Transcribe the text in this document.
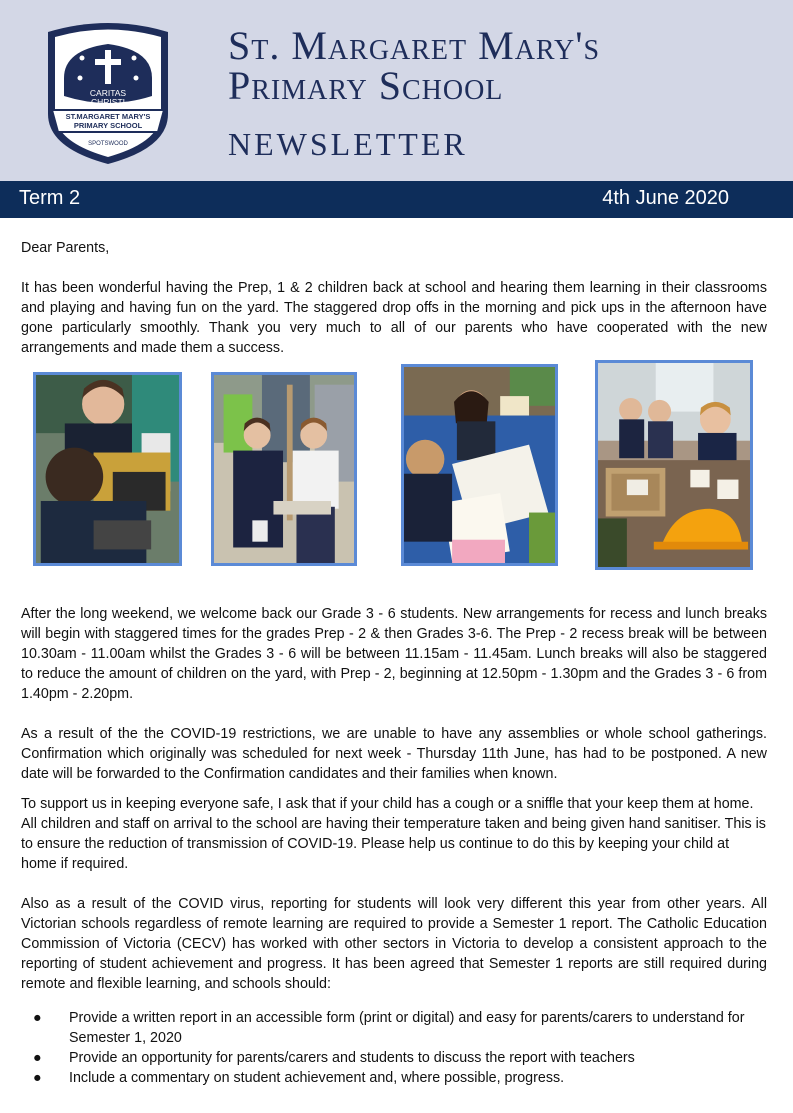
CARITAS
CHRISTI
ST.MARGARET MARY'S
PRIMARY SCHOOL
SPOTSWOOD
St. Margaret Mary's
Primary School
NEWSLETTER
Term 2	4th June 2020

Dear Parents,

It has been wonderful having the Prep, 1 & 2 children back at school and hearing them learning in their classrooms and playing and having fun on the yard. The staggered drop offs in the morning and pick ups in the afternoon have gone particularly smoothly. Thank you very much to all of our parents who have cooperated with the new arrangements and made them a success.

After the long weekend, we welcome back our Grade 3 - 6 students. New arrangements for recess and lunch breaks will begin with staggered times for the grades Prep - 2 & then Grades 3-6. The Prep - 2 recess break will be between 10.30am - 11.00am whilst the Grades 3 - 6 will be between 11.15am - 11.45am. Lunch breaks will also be staggered to reduce the amount of children on the yard, with Prep - 2, beginning at 12.50pm - 1.30pm and the Grades 3 - 6 from 1.40pm - 2.20pm.

As a result of the the COVID-19 restrictions, we are unable to have any assemblies or whole school gatherings. Confirmation which originally was scheduled for next week - Thursday 11th June, has had to be postponed. A new date will be forwarded to the Confirmation candidates and their families when known.

To support us in keeping everyone safe, I ask that if your child has a cough or a sniffle that your keep them at home. All children and staff on arrival to the school are having their temperature taken and being given hand sanitiser. This is to ensure the reduction of transmission of COVID-19. Please help us continue to do this by keeping your child at home if required.

Also as a result of the COVID virus, reporting for students will look very different this year from other years. All Victorian schools regardless of remote learning are required to provide a Semester 1 report. The Catholic Education Commission of Victoria (CECV) has worked with other sectors in Victoria to develop a consistent approach to the reporting of student achievement and progress. It has been agreed that Semester 1 reports are still required during remote and flexible learning, and schools should:

● Provide a written report in an accessible form (print or digital) and easy for parents/carers to understand for Semester 1, 2020
● Provide an opportunity for parents/carers and students to discuss the report with teachers
● Include a commentary on student achievement and, where possible, progress.
